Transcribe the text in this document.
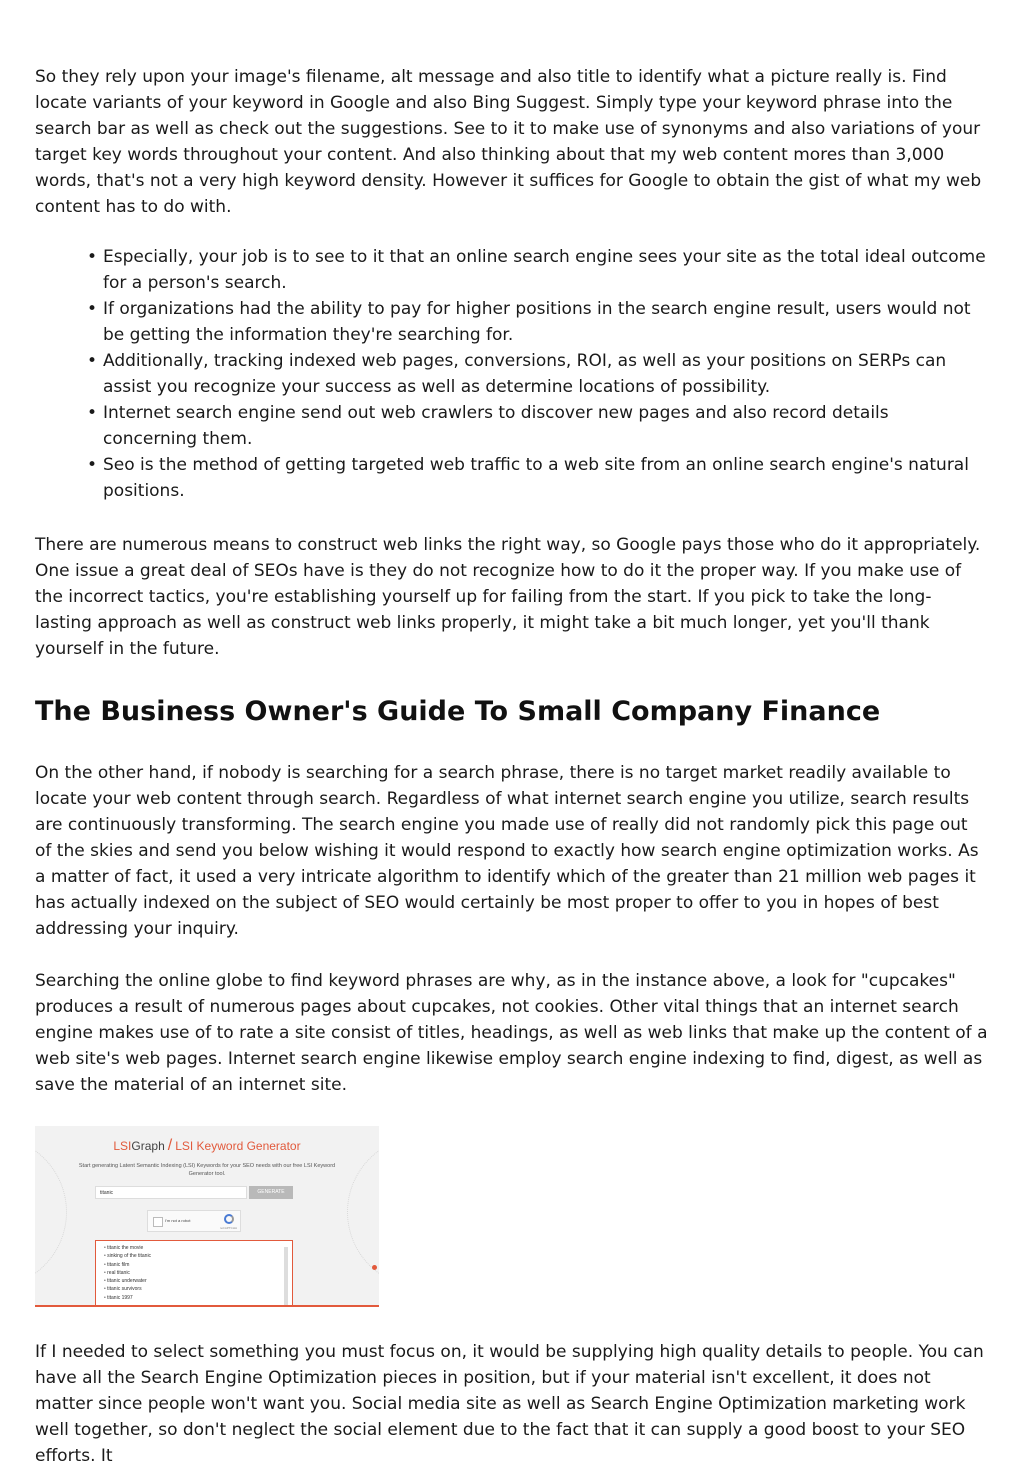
So they rely upon your image's filename, alt message and also title to identify what a picture really is. Find locate variants of your keyword in Google and also Bing Suggest. Simply type your keyword phrase into the search bar as well as check out the suggestions. See to it to make use of synonyms and also variations of your target key words throughout your content. And also thinking about that my web content mores than 3,000 words, that's not a very high keyword density. However it suffices for Google to obtain the gist of what my web content has to do with.

• Especially, your job is to see to it that an online search engine sees your site as the total ideal outcome for a person's search.
• If organizations had the ability to pay for higher positions in the search engine result, users would not be getting the information they're searching for.
• Additionally, tracking indexed web pages, conversions, ROI, as well as your positions on SERPs can assist you recognize your success as well as determine locations of possibility.
• Internet search engine send out web crawlers to discover new pages and also record details concerning them.
• Seo is the method of getting targeted web traffic to a web site from an online search engine's natural positions.

There are numerous means to construct web links the right way, so Google pays those who do it appropriately. One issue a great deal of SEOs have is they do not recognize how to do it the proper way. If you make use of the incorrect tactics, you're establishing yourself up for failing from the start. If you pick to take the long-lasting approach as well as construct web links properly, it might take a bit much longer, yet you'll thank yourself in the future.

The Business Owner's Guide To Small Company Finance

On the other hand, if nobody is searching for a search phrase, there is no target market readily available to locate your web content through search. Regardless of what internet search engine you utilize, search results are continuously transforming. The search engine you made use of really did not randomly pick this page out of the skies and send you below wishing it would respond to exactly how search engine optimization works. As a matter of fact, it used a very intricate algorithm to identify which of the greater than 21 million web pages it has actually indexed on the subject of SEO would certainly be most proper to offer to you in hopes of best addressing your inquiry.

Searching the online globe to find keyword phrases are why, as in the instance above, a look for "cupcakes" produces a result of numerous pages about cupcakes, not cookies. Other vital things that an internet search engine makes use of to rate a site consist of titles, headings, as well as web links that make up the content of a web site's web pages. Internet search engine likewise employ search engine indexing to find, digest, as well as save the material of an internet site.

LSIGraph / LSI Keyword Generator
Start generating Latent Semantic Indexing (LSI) Keywords for your SEO needs with our free LSI Keyword Generator tool.
titanic	GENERATE
I'm not a robot
reCAPTCHA
• titanic the movie
• sinking of the titanic
• titanic film
• real titanic
• titanic underwater
• titanic survivors
• titanic 1997

If I needed to select something you must focus on, it would be supplying high quality details to people. You can have all the Search Engine Optimization pieces in position, but if your material isn't excellent, it does not matter since people won't want you. Social media site as well as Search Engine Optimization marketing work well together, so don't neglect the social element due to the fact that it can supply a good boost to your SEO efforts. It
